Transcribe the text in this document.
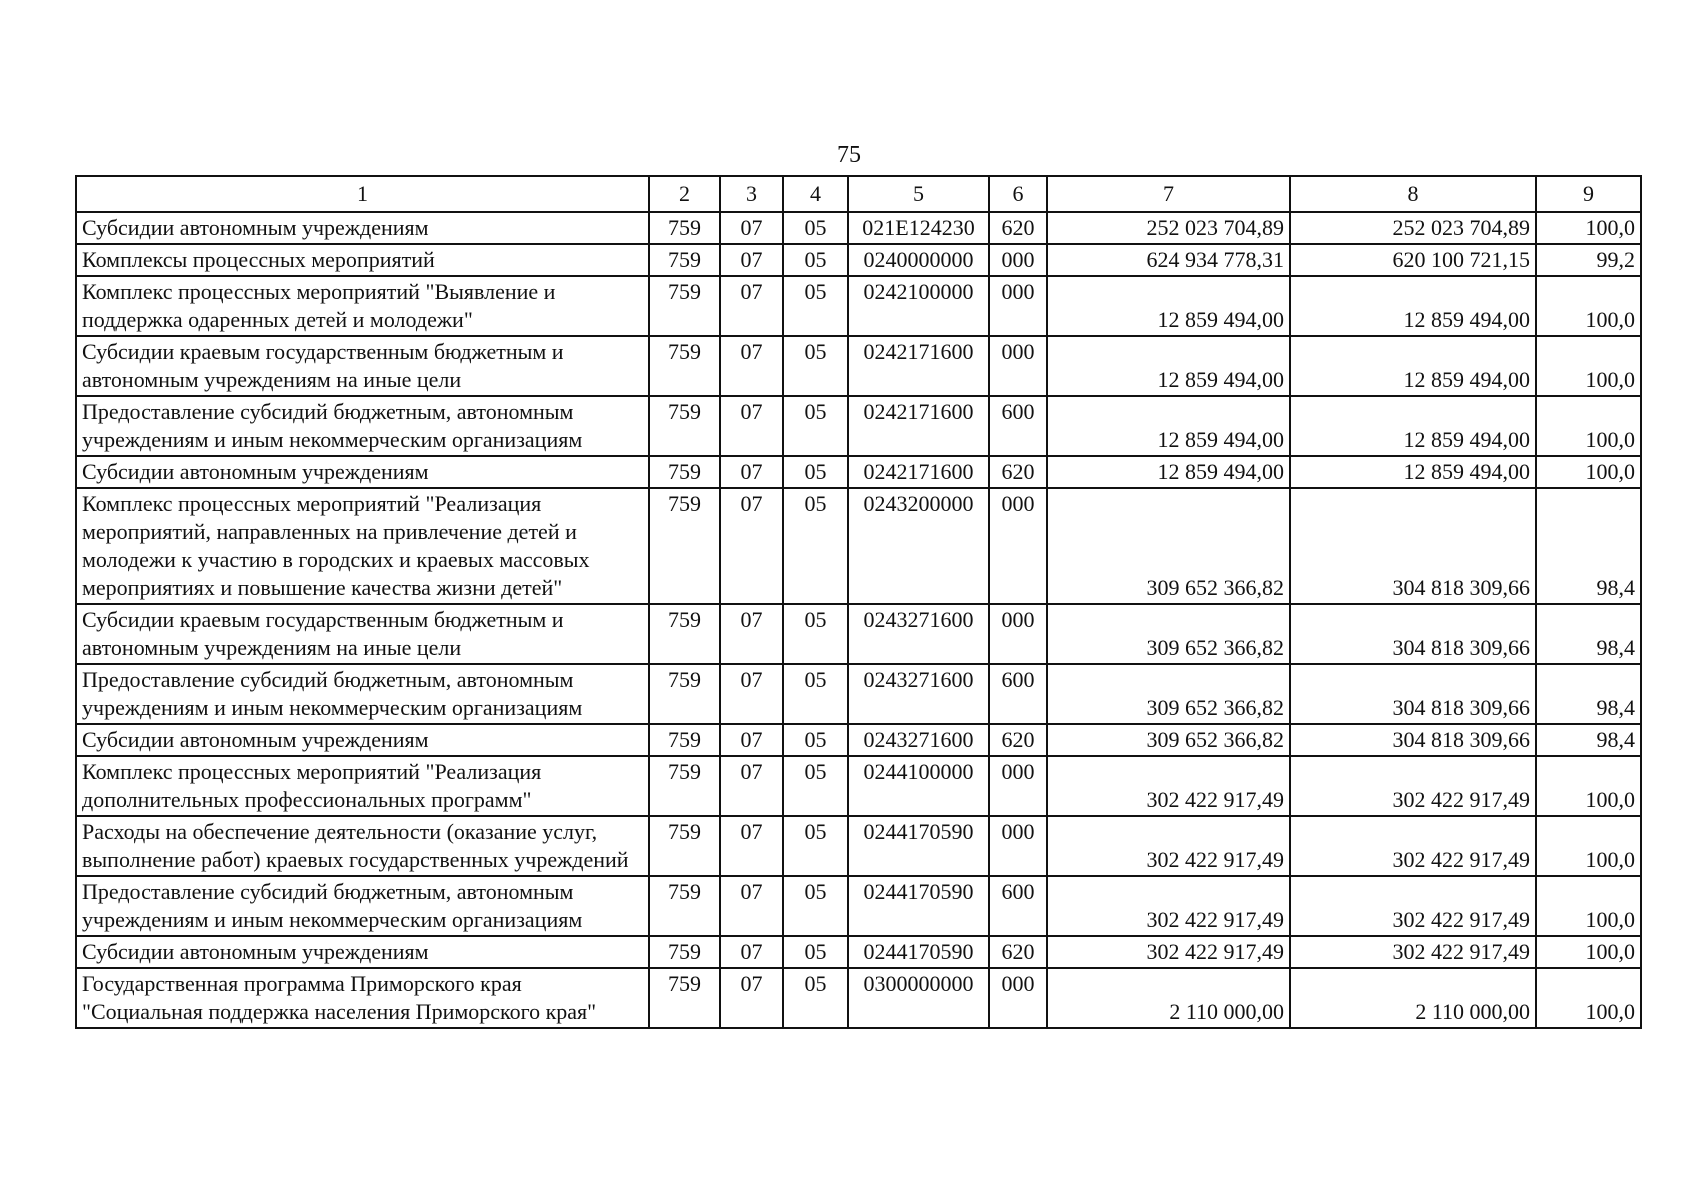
75
1	2	3	4	5	6	7	8	9
Субсидии автономным учреждениям	759	07	05	021E124230	620	252 023 704,89	252 023 704,89	100,0
Комплексы процессных мероприятий	759	07	05	0240000000	000	624 934 778,31	620 100 721,15	99,2
Комплекс процессных мероприятий "Выявление и поддержка одаренных детей и молодежи"	759	07	05	0242100000	000	12 859 494,00	12 859 494,00	100,0
Субсидии краевым государственным бюджетным и автономным учреждениям на иные цели	759	07	05	0242171600	000	12 859 494,00	12 859 494,00	100,0
Предоставление субсидий бюджетным, автономным учреждениям и иным некоммерческим организациям	759	07	05	0242171600	600	12 859 494,00	12 859 494,00	100,0
Субсидии автономным учреждениям	759	07	05	0242171600	620	12 859 494,00	12 859 494,00	100,0
Комплекс процессных мероприятий "Реализация мероприятий, направленных на привлечение детей и молодежи к участию в городских и краевых массовых мероприятиях и повышение качества жизни детей"	759	07	05	0243200000	000	309 652 366,82	304 818 309,66	98,4
Субсидии краевым государственным бюджетным и автономным учреждениям на иные цели	759	07	05	0243271600	000	309 652 366,82	304 818 309,66	98,4
Предоставление субсидий бюджетным, автономным учреждениям и иным некоммерческим организациям	759	07	05	0243271600	600	309 652 366,82	304 818 309,66	98,4
Субсидии автономным учреждениям	759	07	05	0243271600	620	309 652 366,82	304 818 309,66	98,4
Комплекс процессных мероприятий "Реализация дополнительных профессиональных программ"	759	07	05	0244100000	000	302 422 917,49	302 422 917,49	100,0
Расходы на обеспечение деятельности (оказание услуг, выполнение работ) краевых государственных учреждений	759	07	05	0244170590	000	302 422 917,49	302 422 917,49	100,0
Предоставление субсидий бюджетным, автономным учреждениям и иным некоммерческим организациям	759	07	05	0244170590	600	302 422 917,49	302 422 917,49	100,0
Субсидии автономным учреждениям	759	07	05	0244170590	620	302 422 917,49	302 422 917,49	100,0
Государственная программа Приморского края "Социальная поддержка населения Приморского края"	759	07	05	0300000000	000	2 110 000,00	2 110 000,00	100,0
